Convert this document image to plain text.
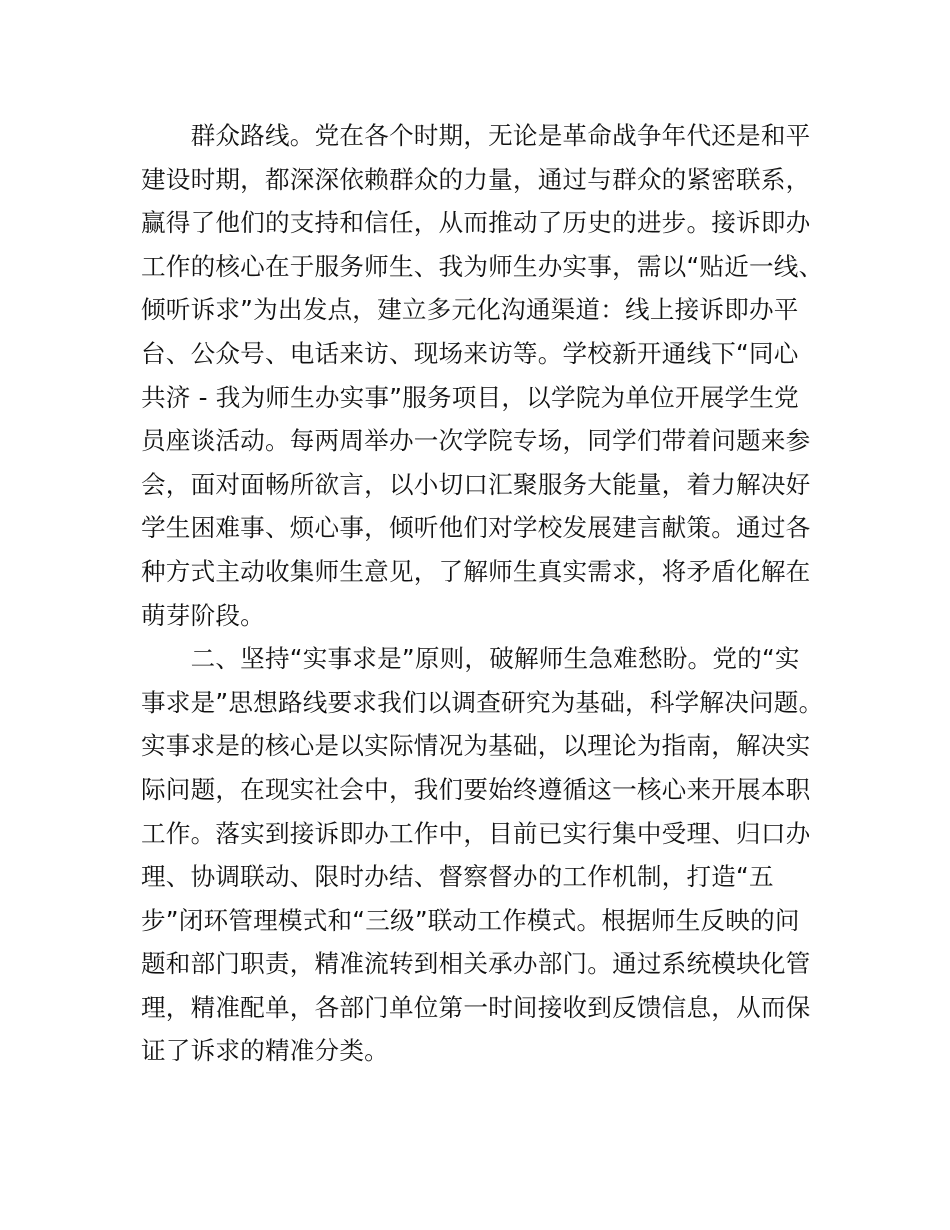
群众路线。党在各个时期，无论是革命战争年代还是和平
建设时期，都深深依赖群众的力量，通过与群众的紧密联系，
赢得了他们的支持和信任，从而推动了历史的进步。接诉即办
工作的核心在于服务师生、我为师生办实事，需以“贴近一线、
倾听诉求”为出发点，建立多元化沟通渠道：线上接诉即办平
台、公众号、电话来访、现场来访等。学校新开通线下“同心
共济 - 我为师生办实事”服务项目，以学院为单位开展学生党
员座谈活动。每两周举办一次学院专场，同学们带着问题来参
会，面对面畅所欲言，以小切口汇聚服务大能量，着力解决好
学生困难事、烦心事，倾听他们对学校发展建言献策。通过各
种方式主动收集师生意见，了解师生真实需求，将矛盾化解在
萌芽阶段。
二、坚持“实事求是”原则，破解师生急难愁盼。党的“实
事求是”思想路线要求我们以调查研究为基础，科学解决问题。
实事求是的核心是以实际情况为基础，以理论为指南，解决实
际问题，在现实社会中，我们要始终遵循这一核心来开展本职
工作。落实到接诉即办工作中，目前已实行集中受理、归口办
理、协调联动、限时办结、督察督办的工作机制，打造“五
步”闭环管理模式和“三级”联动工作模式。根据师生反映的问
题和部门职责，精准流转到相关承办部门。通过系统模块化管
理，精准配单，各部门单位第一时间接收到反馈信息，从而保
证了诉求的精准分类。
